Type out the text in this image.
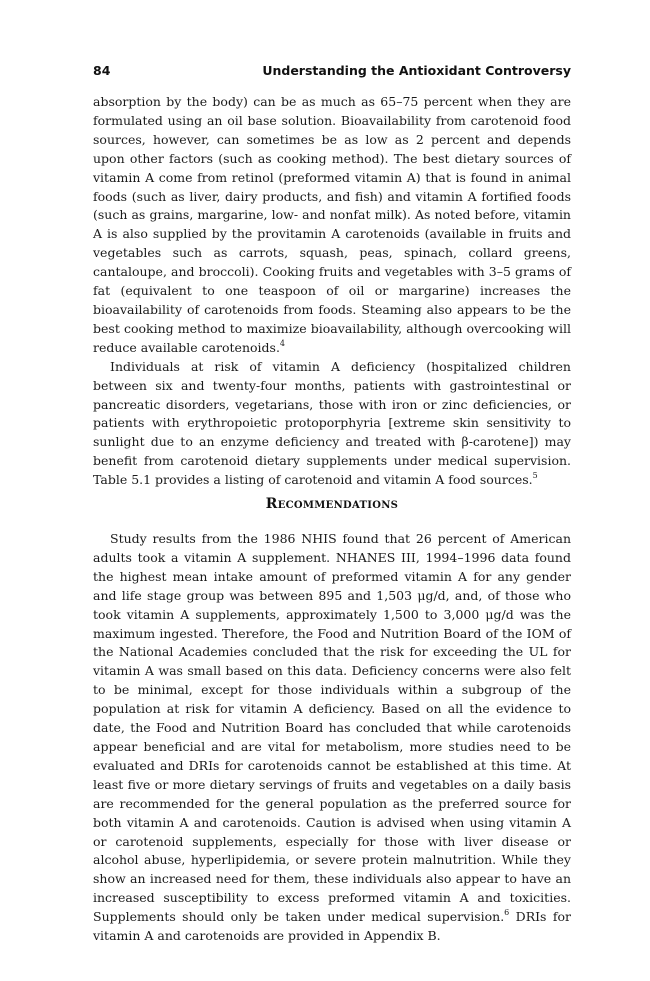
84	Understanding the Antioxidant Controversy

absorption by the body) can be as much as 65–75 percent when they are formulated using an oil base solution. Bioavailability from carotenoid food sources, however, can sometimes be as low as 2 percent and depends upon other factors (such as cooking method). The best dietary sources of vitamin A come from retinol (preformed vitamin A) that is found in animal foods (such as liver, dairy products, and fish) and vitamin A fortified foods (such as grains, margarine, low- and nonfat milk). As noted before, vitamin A is also supplied by the provitamin A carotenoids (available in fruits and vegetables such as carrots, squash, peas, spinach, collard greens, cantaloupe, and broccoli). Cooking fruits and vegetables with 3–5 grams of fat (equivalent to one teaspoon of oil or margarine) increases the bioavailability of carotenoids from foods. Steaming also appears to be the best cooking method to maximize bioavailability, although overcooking will reduce available carotenoids.$^4$

Individuals at risk of vitamin A deficiency (hospitalized children between six and twenty-four months, patients with gastrointestinal or pancreatic disorders, vegetarians, those with iron or zinc deficiencies, or patients with erythropoietic protoporphyria [extreme skin sensitivity to sunlight due to an enzyme deficiency and treated with β-carotene]) may benefit from carotenoid dietary supplements under medical supervision. Table 5.1 provides a listing of carotenoid and vitamin A food sources.$^5$

Recommendations

Study results from the 1986 NHIS found that 26 percent of American adults took a vitamin A supplement. NHANES III, 1994–1996 data found the highest mean intake amount of preformed vitamin A for any gender and life stage group was between 895 and 1,503 μg/d, and, of those who took vitamin A supplements, approximately 1,500 to 3,000 μg/d was the maximum ingested. Therefore, the Food and Nutrition Board of the IOM of the National Academies concluded that the risk for exceeding the UL for vitamin A was small based on this data. Deficiency concerns were also felt to be minimal, except for those individuals within a subgroup of the population at risk for vitamin A deficiency. Based on all the evidence to date, the Food and Nutrition Board has concluded that while carotenoids appear beneficial and are vital for metabolism, more studies need to be evaluated and DRIs for carotenoids cannot be established at this time. At least five or more dietary servings of fruits and vegetables on a daily basis are recommended for the general population as the preferred source for both vitamin A and carotenoids. Caution is advised when using vitamin A or carotenoid supplements, especially for those with liver disease or alcohol abuse, hyperlipidemia, or severe protein malnutrition. While they show an increased need for them, these individuals also appear to have an increased susceptibility to excess preformed vitamin A and toxicities. Supplements should only be taken under medical supervision.$^6$ DRIs for vitamin A and carotenoids are provided in Appendix B.
